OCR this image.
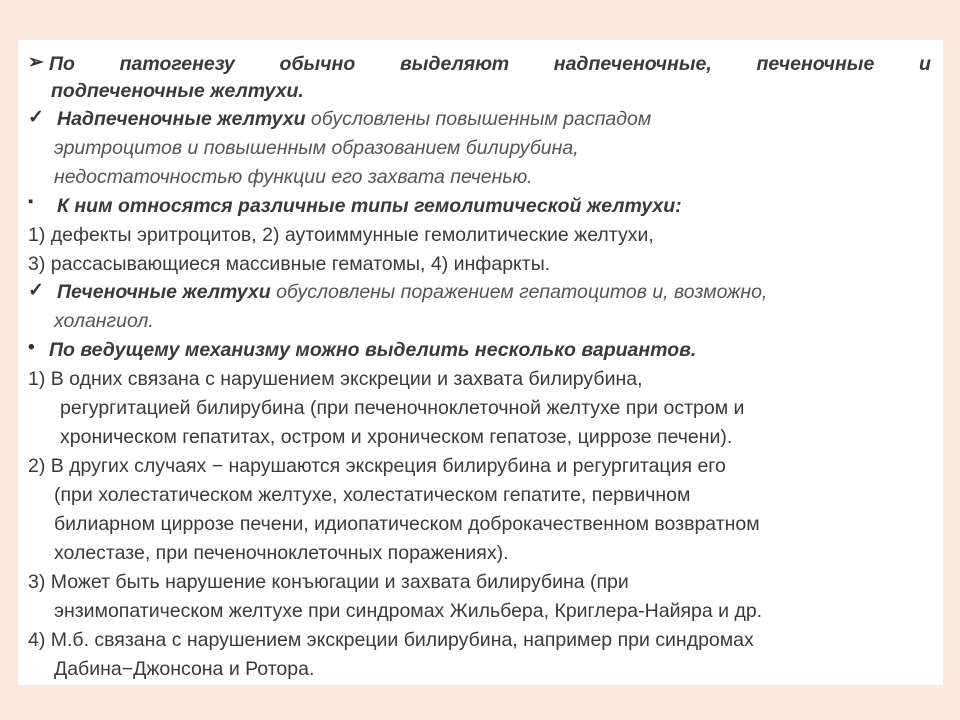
➢ По патогенезу обычно выделяют надпеченочные, печеночные и
подпеченочные желтухи.
✓ Надпеченочные желтухи обусловлены повышенным распадом
эритроцитов и повышенным образованием билирубина,
недостаточностью функции его захвата печенью.
▪ К ним относятся различные типы гемолитической желтухи:
1) дефекты эритроцитов, 2) аутоиммунные гемолитические желтухи,
3) рассасывающиеся массивные гематомы, 4) инфаркты.
✓ Печеночные желтухи обусловлены поражением гепатоцитов и, возможно,
холангиол.
• По ведущему механизму можно выделить несколько вариантов.
1) В одних связана с нарушением экскреции и захвата билирубина,
регургитацией билирубина (при печеночноклеточной желтухе при остром и
хроническом гепатитах, остром и хроническом гепатозе, циррозе печени).
2) В других случаях − нарушаются экскреция билирубина и регургитация его
(при холестатическом желтухе, холестатическом гепатите, первичном
билиарном циррозе печени, идиопатическом доброкачественном возвратном
холестазе, при печеночноклеточных поражениях).
3) Может быть нарушение конъюгации и захвата билирубина (при
энзимопатическом желтухе при синдромах Жильбера, Криглера-Найяра и др.
4) М.б. связана с нарушением экскреции билирубина, например при синдромах
Дабина−Джонсона и Ротора.
